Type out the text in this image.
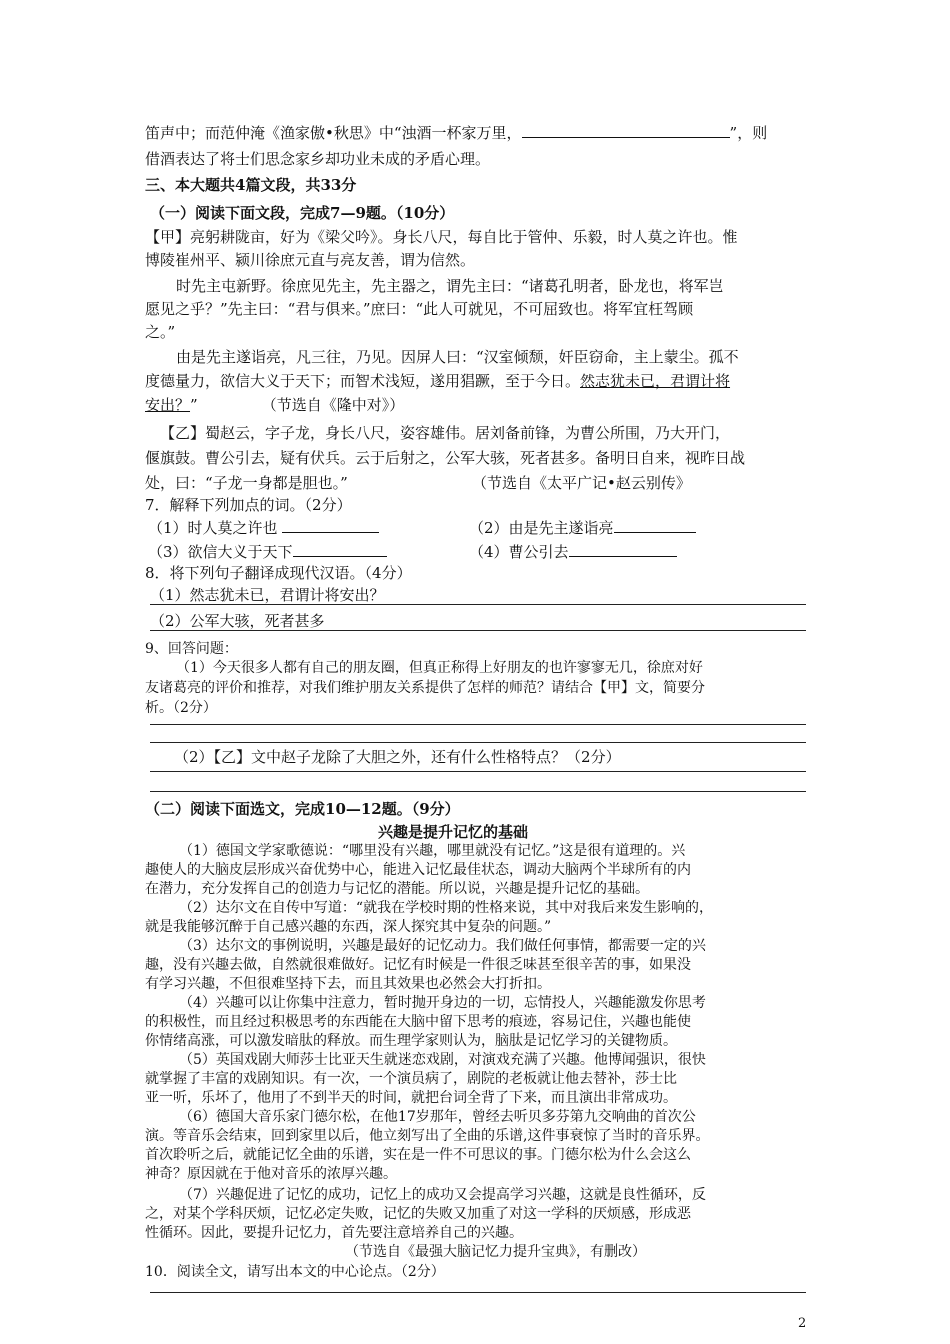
笛声中；而范仲淹《渔家傲•秋思》中“浊酒一杯家万里，	”，则
借酒表达了将士们思念家乡却功业未成的矛盾心理。
三、本大题共4篇文段，共33分
（一）阅读下面文段，完成7—9题。（10分）
【甲】亮躬耕陇亩，好为《梁父吟》。身长八尺，每自比于管仲、乐毅，时人莫之许也。惟
博陵崔州平、颍川徐庶元直与亮友善，谓为信然。
时先主屯新野。徐庶见先主，先主器之，谓先主曰：“诸葛孔明者，卧龙也，将军岂
愿见之乎？”先主曰：“君与俱来。”庶曰：“此人可就见，不可屈致也。将军宜枉驾顾
之。”
由是先主遂诣亮，凡三往，乃见。因屏人曰：“汉室倾颓，奸臣窃命，主上蒙尘。孤不
度德量力，欲信大义于天下；而智术浅短，遂用猖蹶，至于今日。然志犹未已，君谓计将
安出？”	（节选自《隆中对》）
【乙】蜀赵云，字子龙，身长八尺，姿容雄伟。居刘备前锋，为曹公所围，乃大开门，
偃旗鼓。曹公引去，疑有伏兵。云于后射之，公军大骇，死者甚多。备明日自来，视昨日战
处，曰：“子龙一身都是胆也。”	（节选自《太平广记•赵云别传》
7．解释下列加点的词。（2分）
（1）时人莫之许也	（2）由是先主遂诣亮
（3）欲信大义于天下	（4）曹公引去
8．将下列句子翻译成现代汉语。（4分）
（1）然志犹未已，君谓计将安出？
（2）公军大骇，死者甚多
9、回答问题：
（1）今天很多人都有自己的朋友圈，但真正称得上好朋友的也许寥寥无几，徐庶对好
友诸葛亮的评价和推荐，对我们维护朋友关系提供了怎样的师范？请结合【甲】文，简要分
析。（2分）
（2）【乙】文中赵子龙除了大胆之外，还有什么性格特点？（2分）
（二）阅读下面选文，完成10—12题。（9分）
兴趣是提升记忆的基础
（1）德国文学家歌德说：“哪里没有兴趣，哪里就没有记忆。”这是很有道理的。兴
趣使人的大脑皮层形成兴奋优势中心，能进入记忆最佳状态，调动大脑两个半球所有的内
在潜力，充分发挥自己的创造力与记忆的潜能。所以说，兴趣是提升记忆的基础。
（2）达尔文在自传中写道：“就我在学校时期的性格来说，其中对我后来发生影响的，
就是我能够沉醉于自己感兴趣的东西，深人探究其中复杂的问题。”
（3）达尔文的事例说明，兴趣是最好的记忆动力。我们做任何事情，都需要一定的兴
趣，没有兴趣去做，自然就很难做好。记忆有时候是一件很乏味甚至很辛苦的事，如果没
有学习兴趣，不但很难坚持下去，而且其效果也必然会大打折扣。
（4）兴趣可以让你集中注意力，暂时抛开身边的一切，忘情投人，兴趣能激发你思考
的积极性，而且经过积极思考的东西能在大脑中留下思考的痕迹，容易记住，兴趣也能使
你情绪高涨，可以激发暗肽的释放。而生理学家则认为，脑肽是记忆学习的关键物质。
（5）英国戏剧大师莎士比亚天生就迷恋戏剧，对演戏充满了兴趣。他博闻强识，很快
就掌握了丰富的戏剧知识。有一次，一个演员病了，剧院的老板就让他去替补，莎士比
亚一听，乐坏了，他用了不到半天的时间，就把台词全背了下来，而且演出非常成功。
（6）德国大音乐家门德尔松，在他17岁那年，曾经去听贝多芬第九交响曲的首次公
演。等音乐会结束，回到家里以后，他立刻写出了全曲的乐谱,这件事衰惊了当时的音乐界。
首次聆听之后，就能记忆全曲的乐谱，实在是一件不可思议的事。门德尔松为什么会这么
神奇？原因就在于他对音乐的浓厚兴趣。
（7）兴趣促进了记忆的成功，记忆上的成功又会提高学习兴趣，这就是良性循环，反
之，对某个学科厌烦，记忆必定失败，记忆的失败又加重了对这一学科的厌烦感，形成恶
性循环。因此，要提升记忆力，首先要注意培养自己的兴趣。
（节选自《最强大脑记忆力提升宝典》，有删改）
10．阅读全文，请写出本文的中心论点。（2分）
2
